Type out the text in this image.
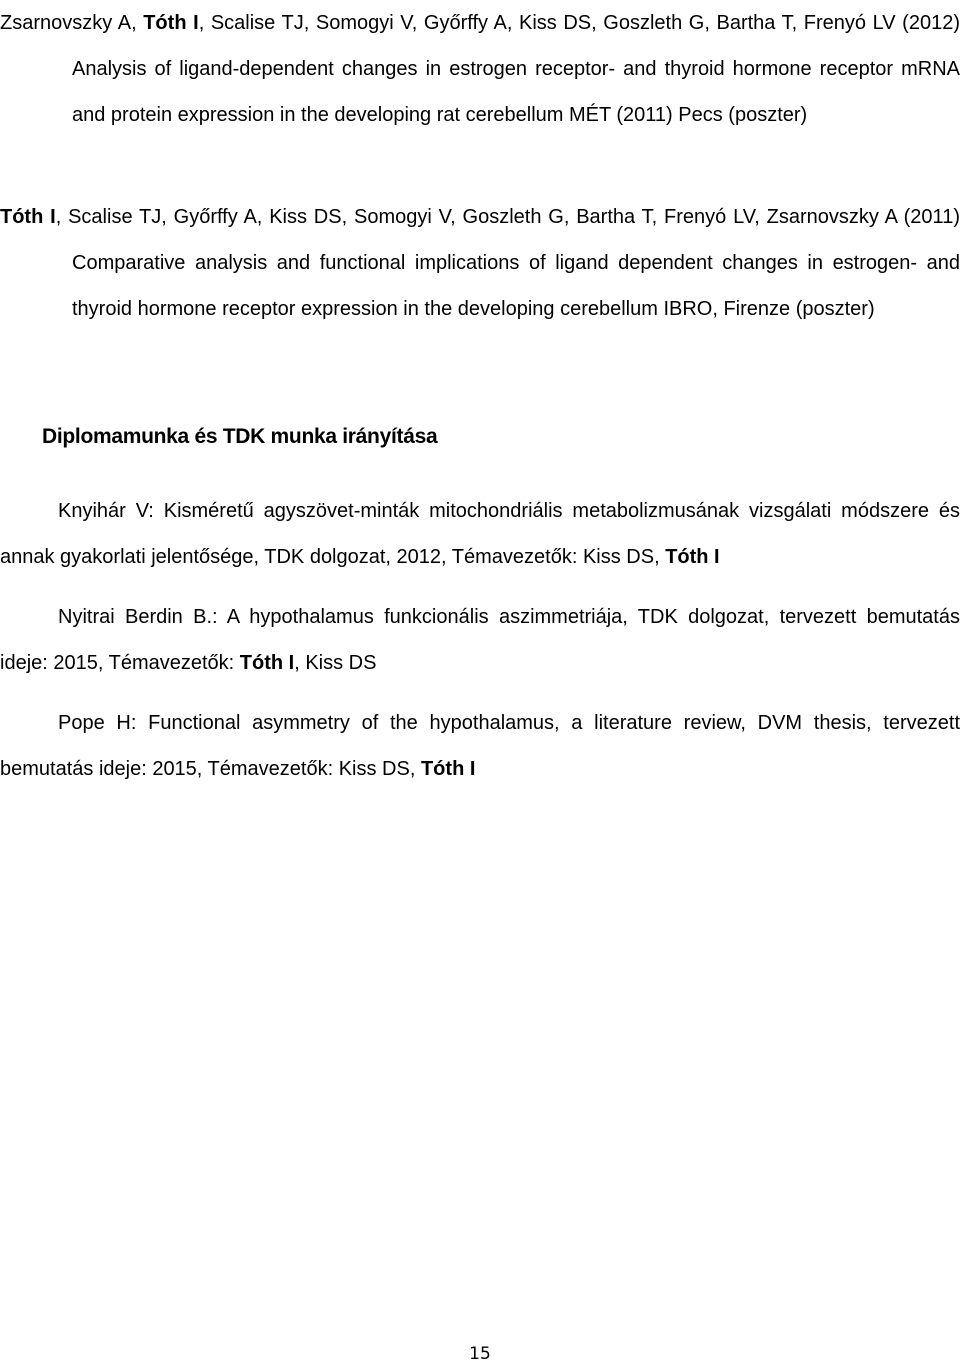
Zsarnovszky A, Tóth I, Scalise TJ, Somogyi V, Győrffy A, Kiss DS, Goszleth G, Bartha T, Frenyó LV (2012) Analysis of ligand-dependent changes in estrogen receptor- and thyroid hormone receptor mRNA and protein expression in the developing rat cerebellum MÉT (2011) Pecs (poszter)

Tóth I, Scalise TJ, Győrffy A, Kiss DS, Somogyi V, Goszleth G, Bartha T, Frenyó LV, Zsarnovszky A (2011) Comparative analysis and functional implications of ligand dependent changes in estrogen- and thyroid hormone receptor expression in the developing cerebellum IBRO, Firenze (poszter)

Diplomamunka és TDK munka irányítása

Knyihár V: Kisméretű agyszövet-minták mitochondriális metabolizmusának vizsgálati módszere és annak gyakorlati jelentősége, TDK dolgozat, 2012, Témavezetők: Kiss DS, Tóth I

Nyitrai Berdin B.: A hypothalamus funkcionális aszimmetriája, TDK dolgozat, tervezett bemutatás ideje: 2015, Témavezetők: Tóth I, Kiss DS

Pope H: Functional asymmetry of the hypothalamus, a literature review, DVM thesis, tervezett bemutatás ideje: 2015, Témavezetők: Kiss DS, Tóth I

15
